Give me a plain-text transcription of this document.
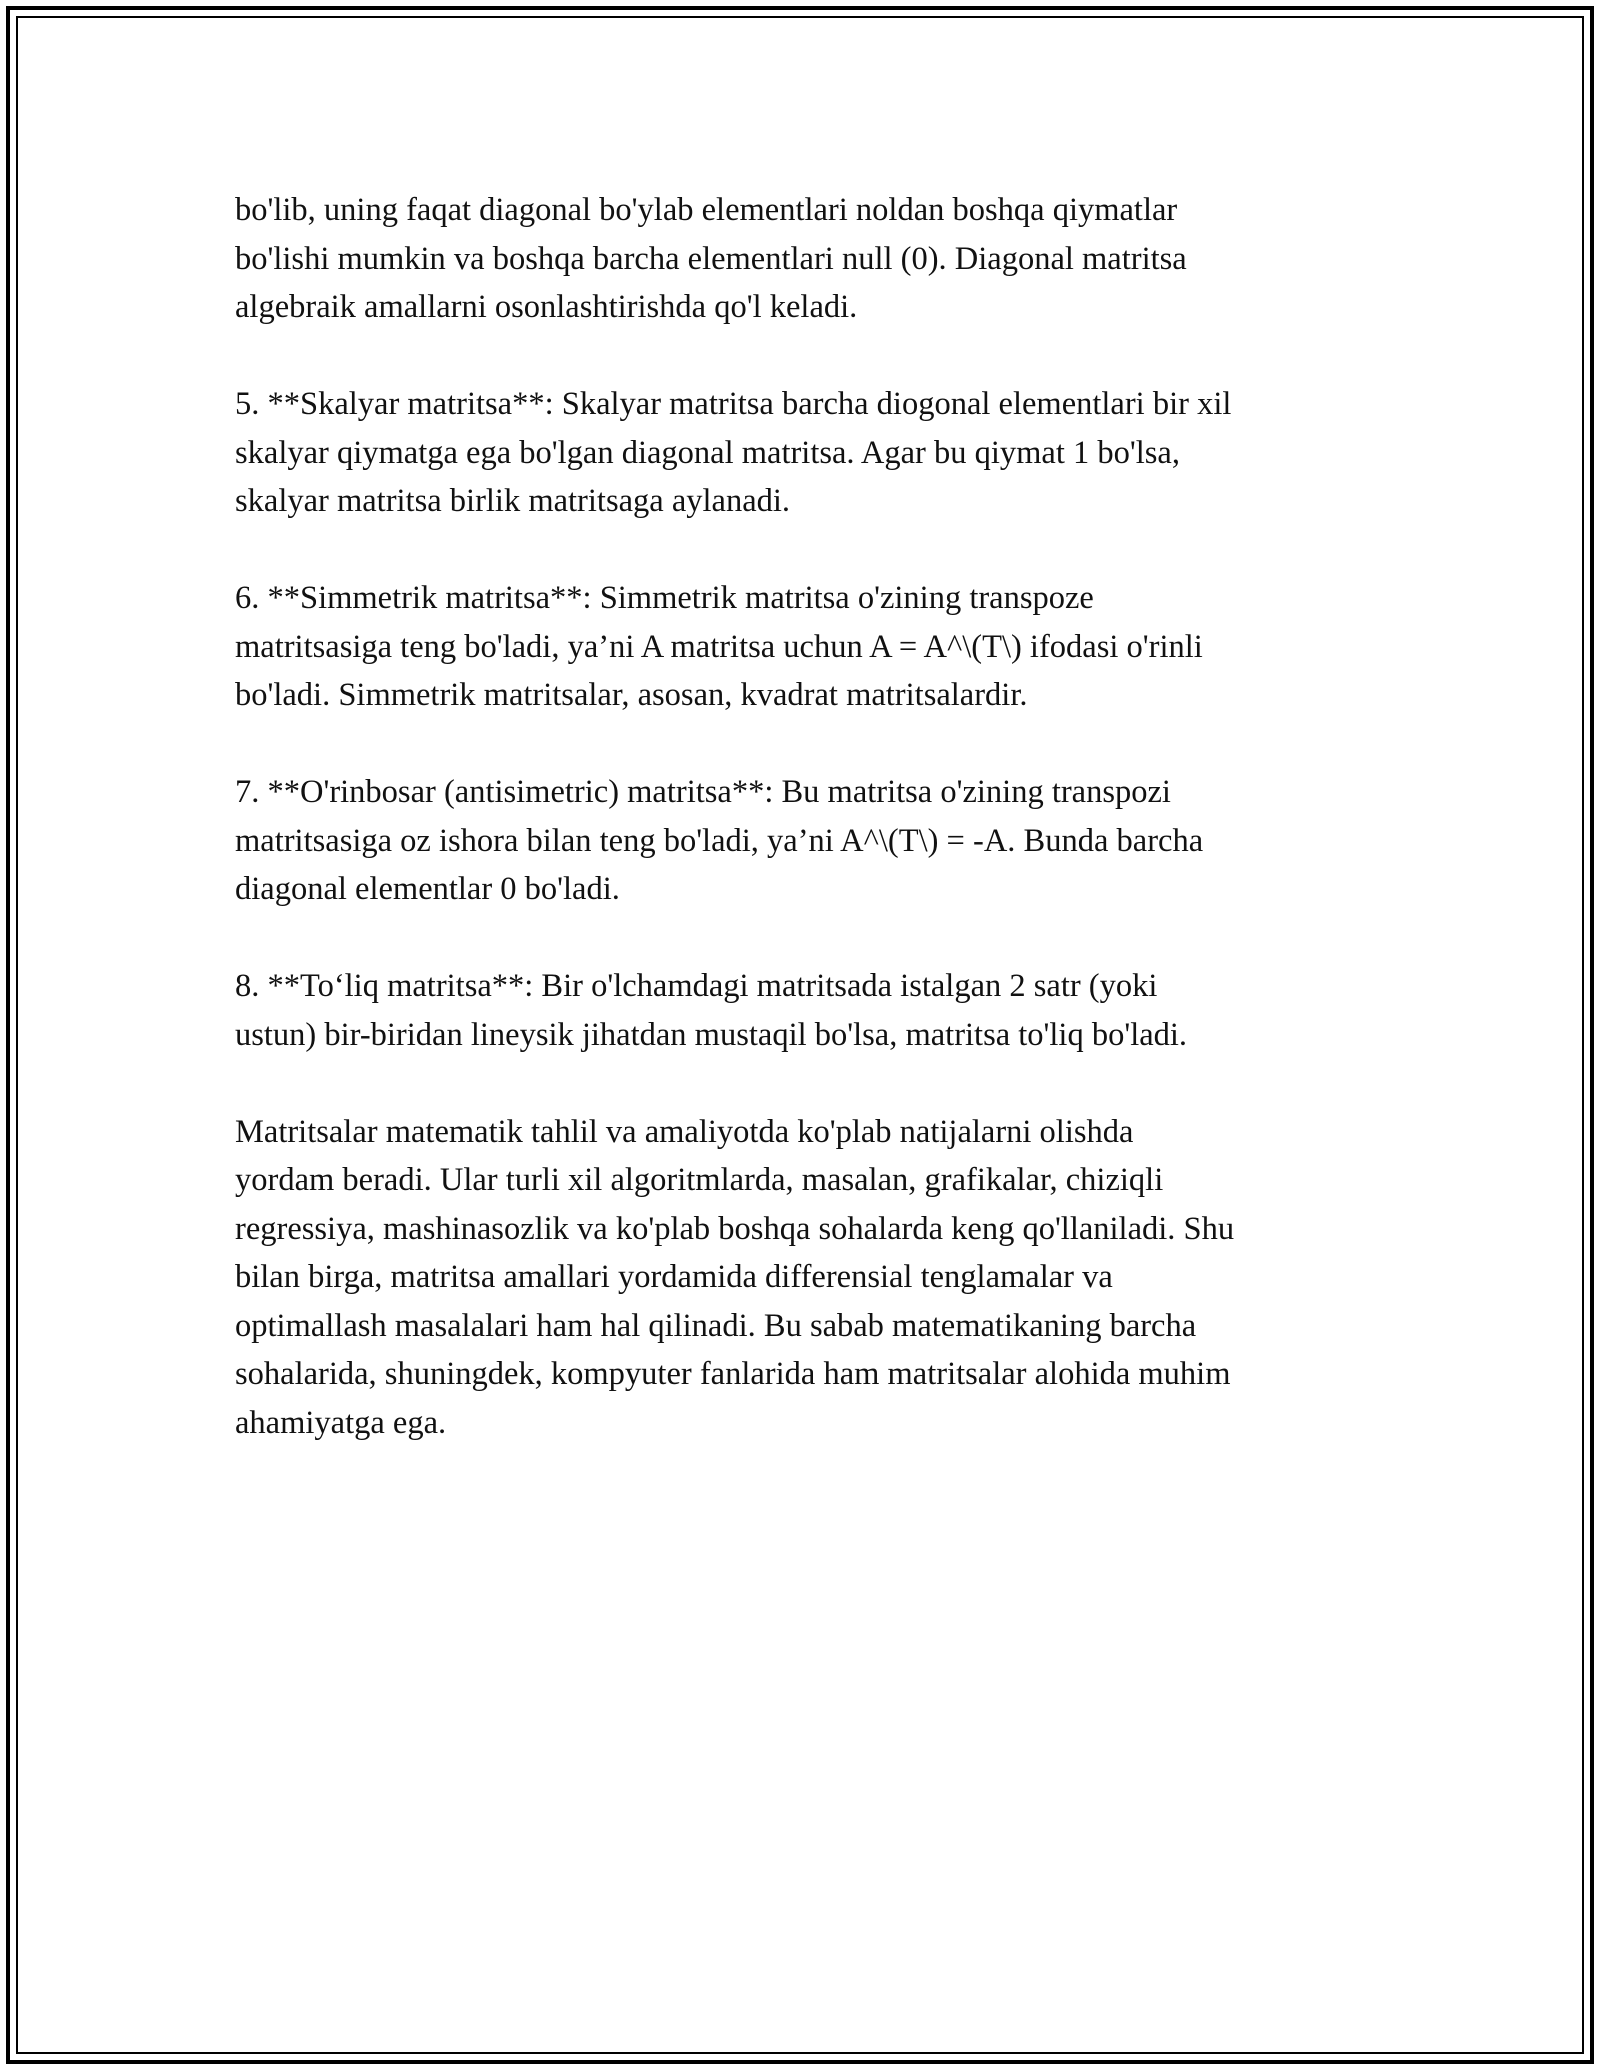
bo'lib, uning faqat diagonal bo'ylab elementlari noldan boshqa qiymatlar
bo'lishi mumkin va boshqa barcha elementlari null (0). Diagonal matritsa
algebraik amallarni osonlashtirishda qo'l keladi.

5. **Skalyar matritsa**: Skalyar matritsa barcha diogonal elementlari bir xil
skalyar qiymatga ega bo'lgan diagonal matritsa. Agar bu qiymat 1 bo'lsa,
skalyar matritsa birlik matritsaga aylanadi.

6. **Simmetrik matritsa**: Simmetrik matritsa o'zining transpoze
matritsasiga teng bo'ladi, ya’ni A matritsa uchun A = A^\(T\) ifodasi o'rinli
bo'ladi. Simmetrik matritsalar, asosan, kvadrat matritsalardir.

7. **O'rinbosar (antisimetric) matritsa**: Bu matritsa o'zining transpozi
matritsasiga oz ishora bilan teng bo'ladi, ya’ni A^\(T\) = -A. Bunda barcha
diagonal elementlar 0 bo'ladi.

8. **To‘liq matritsa**: Bir o'lchamdagi matritsada istalgan 2 satr (yoki
ustun) bir-biridan lineysik jihatdan mustaqil bo'lsa, matritsa to'liq bo'ladi.

Matritsalar matematik tahlil va amaliyotda ko'plab natijalarni olishda
yordam beradi. Ular turli xil algoritmlarda, masalan, grafikalar, chiziqli
regressiya, mashinasozlik va ko'plab boshqa sohalarda keng qo'llaniladi. Shu
bilan birga, matritsa amallari yordamida differensial tenglamalar va
optimallash masalalari ham hal qilinadi. Bu sabab matematikaning barcha
sohalarida, shuningdek, kompyuter fanlarida ham matritsalar alohida muhim
ahamiyatga ega.
